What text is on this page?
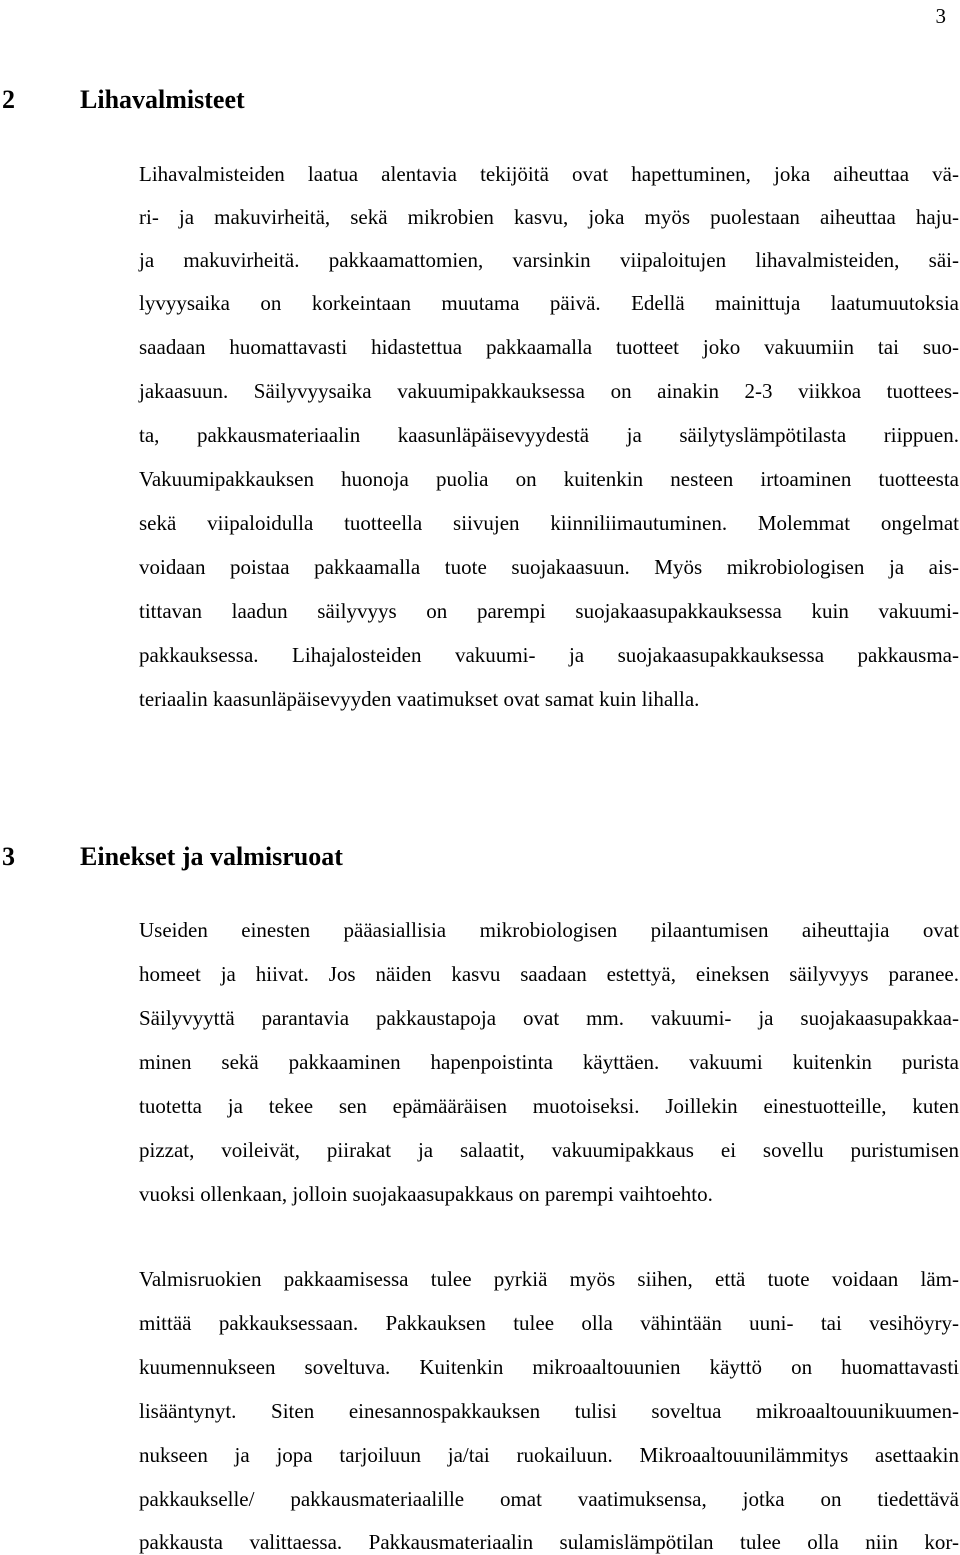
3
2	Lihavalmisteet
Lihavalmisteiden laatua alentavia tekijöitä ovat hapettuminen, joka aiheuttaa vä-
ri- ja makuvirheitä, sekä mikrobien kasvu, joka myös puolestaan aiheuttaa haju-
ja makuvirheitä. pakkaamattomien, varsinkin viipaloitujen lihavalmisteiden, säi-
lyvyysaika on korkeintaan muutama päivä. Edellä mainittuja laatumuutoksia
saadaan huomattavasti hidastettua pakkaamalla tuotteet joko vakuumiin tai suo-
jakaasuun. Säilyvyysaika vakuumipakkauksessa on ainakin 2-3 viikkoa tuottees-
ta, pakkausmateriaalin kaasunläpäisevyydestä ja säilytyslämpötilasta riippuen.
Vakuumipakkauksen huonoja puolia on kuitenkin nesteen irtoaminen tuotteesta
sekä viipaloidulla tuotteella siivujen kiinniliimautuminen. Molemmat ongelmat
voidaan poistaa pakkaamalla tuote suojakaasuun. Myös mikrobiologisen ja ais-
tittavan laadun säilyvyys on parempi suojakaasupakkauksessa kuin vakuumi-
pakkauksessa. Lihajalosteiden vakuumi- ja suojakaasupakkauksessa pakkausma-
teriaalin kaasunläpäisevyyden vaatimukset ovat samat kuin lihalla.
3	Einekset ja valmisruoat
Useiden einesten pääasiallisia mikrobiologisen pilaantumisen aiheuttajia ovat
homeet ja hiivat. Jos näiden kasvu saadaan estettyä, eineksen säilyvyys paranee.
Säilyvyyttä parantavia pakkaustapoja ovat mm. vakuumi- ja suojakaasupakkaa-
minen sekä pakkaaminen hapenpoistinta käyttäen. vakuumi kuitenkin purista
tuotetta ja tekee sen epämääräisen muotoiseksi. Joillekin einestuotteille, kuten
pizzat, voileivät, piirakat ja salaatit, vakuumipakkaus ei sovellu puristumisen
vuoksi ollenkaan, jolloin suojakaasupakkaus on parempi vaihtoehto.
Valmisruokien pakkaamisessa tulee pyrkiä myös siihen, että tuote voidaan läm-
mittää pakkauksessaan. Pakkauksen tulee olla vähintään uuni- tai vesihöyry-
kuumennukseen soveltuva. Kuitenkin mikroaaltouunien käyttö on huomattavasti
lisääntynyt. Siten einesannospakkauksen tulisi soveltua mikroaaltouunikuumen-
nukseen ja jopa tarjoiluun ja/tai ruokailuun. Mikroaaltouunilämmitys asettaakin
pakkaukselle/ pakkausmateriaalille omat vaatimuksensa, jotka on tiedettävä
pakkausta valittaessa. Pakkausmateriaalin sulamislämpötilan tulee olla niin kor-
